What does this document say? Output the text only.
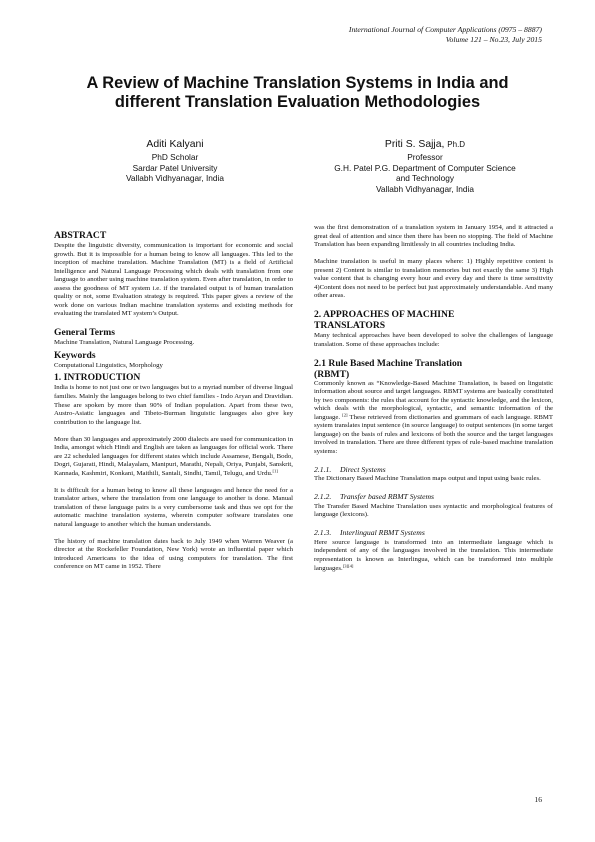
International Journal of Computer Applications (0975 – 8887)
Volume 121 – No.23, July 2015
A Review of Machine Translation Systems in India and
different Translation Evaluation Methodologies
Aditi Kalyani
PhD Scholar
Sardar Patel University
Vallabh Vidhyanagar, India
Priti S. Sajja, Ph.D
Professor
G.H. Patel P.G. Department of Computer Science
and Technology
Vallabh Vidhyanagar, India
ABSTRACT

Despite the linguistic diversity, communication is important for economic and social growth. But it is impossible for a human being to know all languages. This led to the inception of machine translation. Machine Translation (MT) is a field of Artificial Intelligence and Natural Language Processing which deals with translation from one language to another using machine translation system. Even after translation, in order to assess the goodness of MT system i.e. if the translated output is of human translation quality or not, some Evaluation strategy is required. This paper gives a review of the work done on various Indian machine translation systems and existing methods for evaluating the translated MT system’s Output.

General Terms

Machine Translation, Natural Language Processing.

Keywords

Computational Linguistics, Morphology

1. INTRODUCTION

India is home to not just one or two languages but to a myriad number of diverse lingual families. Mainly the languages belong to two chief families - Indo Aryan and Dravidian. These are spoken by more than 90% of Indian population. Apart from these two, Austro-Asiatic languages and Tibeto-Burman linguistic languages also give key contribution to the language list.

More than 30 languages and approximately 2000 dialects are used for communication in India, amongst which Hindi and English are taken as languages for official work. There are 22 scheduled languages for different states which include Assamese, Bengali, Bodo, Dogri, Gujarati, Hindi, Malayalam, Manipuri, Marathi, Nepali, Oriya, Punjabi, Sanskrit, Kannada, Kashmiri, Konkani, Maithili, Santali, Sindhi, Tamil, Telugu, and Urdu.[1]

It is difficult for a human being to know all these languages and hence the need for a translator arises, where the translation from one language to another is done. Manual translation of these language pairs is a very cumbersome task and thus we opt for the automatic machine translation systems, wherein computer software translates one natural language to another which the human understands.

The history of machine translation dates back to July 1949 when Warren Weaver (a director at the Rockefeller Foundation, New York) wrote an influential paper which introduced Americans to the idea of using computers for translation. The first conference on MT came in 1952. There

was the first demonstration of a translation system in January 1954, and it attracted a great deal of attention and since then there has been no stopping. The field of Machine Translation has been expanding limitlessly in all countries including India.

Machine translation is useful in many places where: 1) Highly repetitive content is present 2) Content is similar to translation memories but not exactly the same 3) High value content that is changing every hour and every day and there is time sensitivity 4)Content does not need to be perfect but just approximately understandable. And many other areas.

2. APPROACHES OF MACHINE
TRANSLATORS

Many technical approaches have been developed to solve the challenges of language translation. Some of these approaches include:

2.1 Rule Based Machine Translation
(RBMT)

Commonly known as “Knowledge-Based Machine Translation, is based on linguistic information about source and target languages. RBMT systems are basically constituted by two components: the rules that account for the syntactic knowledge, and the lexicon, which deals with the morphological, syntactic, and semantic information of the language. [2] These retrieved from dictionaries and grammars of each language. RBMT system translates input sentence (in source language) to output sentences (in some target language) on the basis of rules and lexicons of both the source and the target languages involved in translation. There are three different types of rule-based machine translation systems:

2.1.1. Direct Systems

The Dictionary Based Machine Translation maps output and input using basic rules.

2.1.2. Transfer based RBMT Systems

The Transfer Based Machine Translation uses syntactic and morphological features of language (lexicons).

2.1.3. Interlingual RBMT Systems

Here source language is transformed into an intermediate language which is independent of any of the languages involved in the translation. This intermediate representation is known as Interlingua, which can be transformed into multiple languages.[3][4]

16
